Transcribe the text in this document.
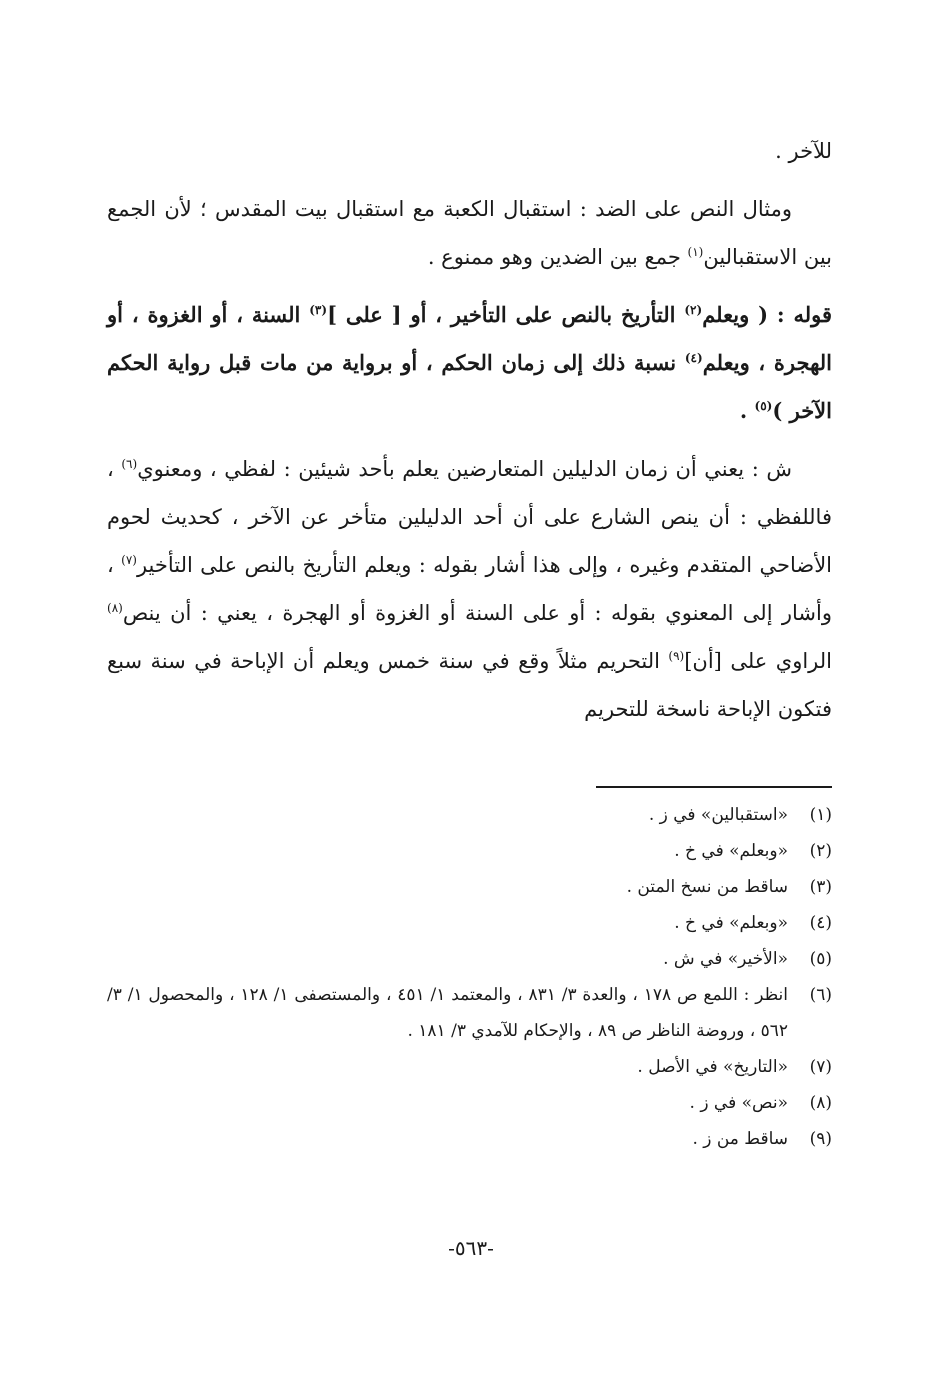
للآخر .

ومثال النص على الضد : استقبال الكعبة مع استقبال بيت المقدس ؛ لأن الجمع بين الاستقبالين$^{(١)}$ جمع بين الضدين وهو ممنوع .

قوله : ( ويعلم$^{(٢)}$ التأريخ بالنص على التأخير ، أو [ على ]$^{(٣)}$ السنة ، أو الغزوة ، أو الهجرة ، ويعلم$^{(٤)}$ نسبة ذلك إلى زمان الحكم ، أو برواية من مات قبل رواية الحكم الآخر )$^{(٥)}$ .

ش : يعني أن زمان الدليلين المتعارضين يعلم بأحد شيئين : لفظي ، ومعنوي$^{(٦)}$ ، فاللفظي : أن ينص الشارع على أن أحد الدليلين متأخر عن الآخر ، كحديث لحوم الأضاحي المتقدم وغيره ، وإلى هذا أشار بقوله : ويعلم التأريخ بالنص على التأخير$^{(٧)}$ ، وأشار إلى المعنوي بقوله : أو على السنة أو الغزوة أو الهجرة ، يعني : أن ينص$^{(٨)}$ الراوي على [أن]$^{(٩)}$ التحريم مثلاً وقع في سنة خمس ويعلم أن الإباحة في سنة سبع فتكون الإباحة ناسخة للتحريم

(١)
«استقبالين» في ز .
(٢)
«وبعلم» في خ .
(٣)
ساقط من نسخ المتن .
(٤)
«وبعلم» في خ .
(٥)
«الأخير» في ش .
(٦)
انظر : اللمع ص ١٧٨ ، والعدة ٣/ ٨٣١ ، والمعتمد ١/ ٤٥١ ، والمستصفى ١/ ١٢٨ ، والمحصول ١/ ٣/ ٥٦٢ ، وروضة الناظر ص ٨٩ ، والإحكام للآمدي ٣/ ١٨١ .
(٧)
«التاريخ» في الأصل .
(٨)
«نص» في ز .
(٩)
ساقط من ز .
-٥٦٣-
